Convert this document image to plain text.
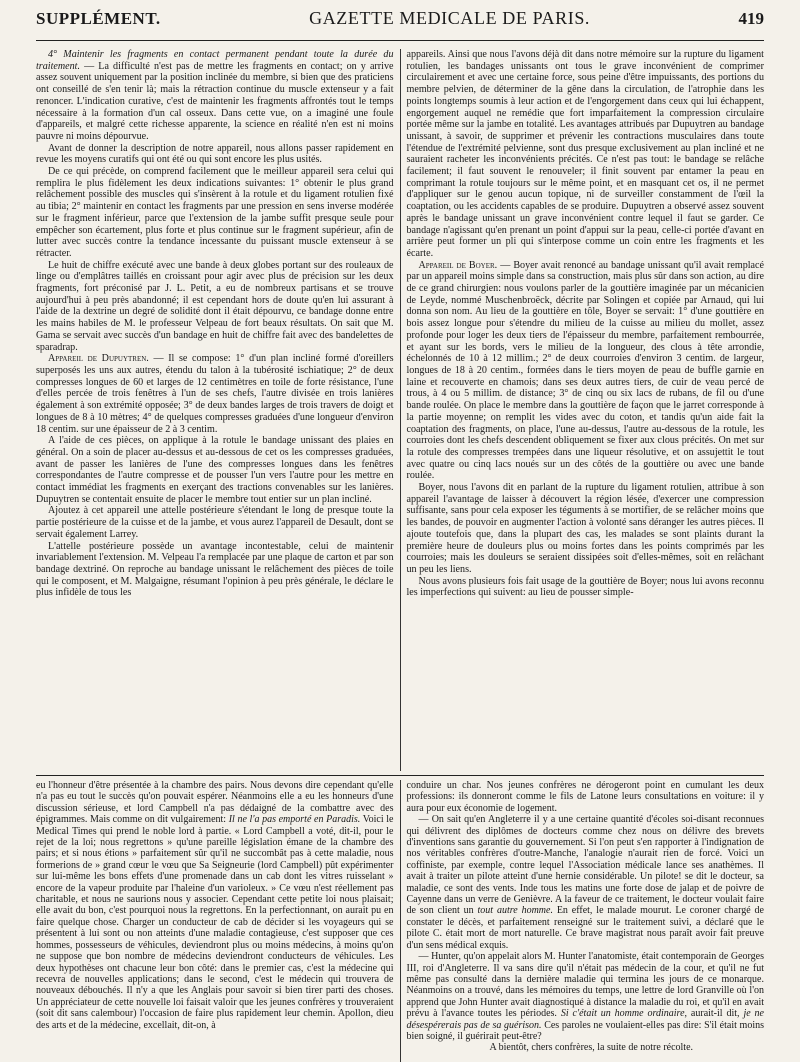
SUPPLÉMENT.	GAZETTE MEDICALE DE PARIS.	419

4° Maintenir les fragments en contact permanent pendant toute la durée du traitement. — La difficulté n'est pas de mettre les fragments en contact; on y arrive assez souvent uniquement par la position inclinée du membre, si bien que des praticiens ont conseillé de s'en tenir là; mais la rétraction continue du muscle extenseur y a fait renoncer. L'indication curative, c'est de maintenir les fragments affrontés tout le temps nécessaire à la formation d'un cal osseux. Dans cette vue, on a imaginé une foule d'appareils, et malgré cette richesse apparente, la science en réalité n'en est ni moins pauvre ni moins dépourvue.

Avant de donner la description de notre appareil, nous allons passer rapidement en revue les moyens curatifs qui ont été ou qui sont encore les plus usités.

De ce qui précède, on comprend facilement que le meilleur appareil sera celui qui remplira le plus fidèlement les deux indications suivantes: 1° obtenir le plus grand relâchement possible des muscles qui s'insèrent à la rotule et du ligament rotulien fixé au tibia; 2° maintenir en contact les fragments par une pression en sens inverse modérée sur le fragment inférieur, parce que l'extension de la jambe suffit presque seule pour empêcher son écartement, plus forte et plus continue sur le fragment supérieur, afin de lutter avec succès contre la tendance incessante du puissant muscle extenseur à se rétracter.

Le huit de chiffre exécuté avec une bande à deux globes portant sur des rouleaux de linge ou d'emplâtres taillés en croissant pour agir avec plus de précision sur les deux fragments, fort préconisé par J. L. Petit, a eu de nombreux partisans et se trouve aujourd'hui à peu près abandonné; il est cependant hors de doute qu'en lui assurant à l'aide de la dextrine un degré de solidité dont il était dépourvu, ce bandage donne entre les mains habiles de M. le professeur Velpeau de fort beaux résultats. On sait que M. Gama se servait avec succès d'un bandage en huit de chiffre fait avec des bandelettes de sparadrap.

Appareil de Dupuytren. — Il se compose: 1° d'un plan incliné formé d'oreillers superposés les uns aux autres, étendu du talon à la tubérosité ischiatique; 2° de deux compresses longues de 60 et larges de 12 centimètres en toile de forte résistance, l'une d'elles percée de trois fenêtres à l'un de ses chefs, l'autre divisée en trois lanières également à son extrémité opposée; 3° de deux bandes larges de trois travers de doigt et longues de 8 à 10 mètres; 4° de quelques compresses graduées d'une longueur d'environ 18 centim. sur une épaisseur de 2 à 3 centim.

A l'aide de ces pièces, on applique à la rotule le bandage unissant des plaies en général. On a soin de placer au-dessus et au-dessous de cet os les compresses graduées, avant de passer les lanières de l'une des compresses longues dans les fenêtres correspondantes de l'autre compresse et de pousser l'un vers l'autre pour les mettre en contact immédiat les fragments en exerçant des tractions convenables sur les lanières. Dupuytren se contentait ensuite de placer le membre tout entier sur un plan incliné.

Ajoutez à cet appareil une attelle postérieure s'étendant le long de presque toute la partie postérieure de la cuisse et de la jambe, et vous aurez l'appareil de Desault, dont se servait également Larrey.

L'attelle postérieure possède un avantage incontestable, celui de maintenir invariablement l'extension. M. Velpeau l'a remplacée par une plaque de carton et par son bandage dextriné. On reproche au bandage unissant le relâchement des pièces de toile qui le composent, et M. Malgaigne, résumant l'opinion à peu près générale, le déclare le plus infidèle de tous les

appareils. Ainsi que nous l'avons déjà dit dans notre mémoire sur la rupture du ligament rotulien, les bandages unissants ont tous le grave inconvénient de comprimer circulairement et avec une certaine force, sous peine d'être impuissants, des portions du membre pelvien, de déterminer de la gêne dans la circulation, de l'atrophie dans les points longtemps soumis à leur action et de l'engorgement dans ceux qui lui échappent, engorgement auquel ne remédie que fort imparfaitement la compression circulaire portée même sur la jambe en totalité. Les avantages attribués par Dupuytren au bandage unissant, à savoir, de supprimer et prévenir les contractions musculaires dans toute l'étendue de l'extrémité pelvienne, sont dus presque exclusivement au plan incliné et ne sauraient racheter les inconvénients précités. Ce n'est pas tout: le bandage se relâche facilement; il faut souvent le renouveler; il finit souvent par entamer la peau en comprimant la rotule toujours sur le même point, et en masquant cet os, il ne permet d'appliquer sur le genou aucun topique, ni de surveiller constamment de l'œil la coaptation, ou les accidents capables de se produire. Dupuytren a observé assez souvent après le bandage unissant un grave inconvénient contre lequel il faut se garder. Ce bandage n'agissant qu'en prenant un point d'appui sur la peau, celle-ci portée d'avant en arrière peut former un pli qui s'interpose comme un coin entre les fragments et les écarte.

Appareil de Boyer. — Boyer avait renoncé au bandage unissant qu'il avait remplacé par un appareil moins simple dans sa construction, mais plus sûr dans son action, au dire de ce grand chirurgien: nous voulons parler de la gouttière imaginée par un mécanicien de Leyde, nommé Muschenbroëck, décrite par Solingen et copiée par Arnaud, qui lui donna son nom. Au lieu de la gouttière en tôle, Boyer se servait: 1° d'une gouttière en bois assez longue pour s'étendre du milieu de la cuisse au milieu du mollet, assez profonde pour loger les deux tiers de l'épaisseur du membre, parfaitement rembourrée, et ayant sur les bords, vers le milieu de la longueur, des clous à tête arrondie, échelonnés de 10 à 12 millim.; 2° de deux courroies d'environ 3 centim. de largeur, longues de 18 à 20 centim., formées dans le tiers moyen de peau de buffle garnie en laine et recouverte en chamois; dans ses deux autres tiers, de cuir de veau percé de trous, à 4 ou 5 millim. de distance; 3° de cinq ou six lacs de rubans, de fil ou d'une bande roulée. On place le membre dans la gouttière de façon que le jarret corresponde à la partie moyenne; on remplit les vides avec du coton, et tandis qu'un aide fait la coaptation des fragments, on place, l'une au-dessus, l'autre au-dessous de la rotule, les courroies dont les chefs descendent obliquement se fixer aux clous précités. On met sur la rotule des compresses trempées dans une liqueur résolutive, et on assujettit le tout avec quatre ou cinq lacs noués sur un des côtés de la gouttière ou avec une bande roulée.

Boyer, nous l'avons dit en parlant de la rupture du ligament rotulien, attribue à son appareil l'avantage de laisser à découvert la région lésée, d'exercer une compression suffisante, sans pour cela exposer les téguments à se mortifier, de se relâcher moins que les bandes, de pouvoir en augmenter l'action à volonté sans déranger les autres pièces. Il ajoute toutefois que, dans la plupart des cas, les malades se sont plaints durant la première heure de douleurs plus ou moins fortes dans les points comprimés par les courroies; mais les douleurs se seraient dissipées soit d'elles-mêmes, soit en relâchant un peu les liens.

Nous avons plusieurs fois fait usage de la gouttière de Boyer; nous lui avons reconnu les imperfections qui suivent: au lieu de pousser simple-

eu l'honneur d'être présentée à la chambre des pairs. Nous devons dire cependant qu'elle n'a pas eu tout le succès qu'on pouvait espérer. Néanmoins elle a eu les honneurs d'une discussion sérieuse, et lord Campbell n'a pas dédaigné de la combattre avec des épigrammes. Mais comme on dit vulgairement: Il ne l'a pas emporté en Paradis. Voici le Medical Times qui prend le noble lord à partie. « Lord Campbell a voté, dit-il, pour le rejet de la loi; nous regrettons » qu'une pareille législation émane de la chambre des pairs; et si nous étions » parfaitement sûr qu'il ne succombât pas à cette maladie, nous formerions de » grand cœur le vœu que Sa Seigneurie (lord Campbell) pût expérimenter sur lui-même les bons effets d'une promenade dans un cab dont les vitres ruisselant » encore de la vapeur produite par l'haleine d'un varioleux. » Ce vœu n'est réellement pas charitable, et nous ne saurions nous y associer. Cependant cette petite loi nous plaisait; elle avait du bon, c'est pourquoi nous la regrettons. En la perfectionnant, on aurait pu en faire quelque chose. Charger un conducteur de cab de décider si les voyageurs qui se présentent à lui sont ou non atteints d'une maladie contagieuse, c'est supposer que ces hommes, possesseurs de véhicules, deviendront plus ou moins médecins, à moins qu'on ne suppose que bon nombre de médecins deviendront conducteurs de véhicules. Les deux hypothèses ont chacune leur bon côté: dans le premier cas, c'est la médecine qui recevra de nouvelles applications; dans le second, c'est le médecin qui trouvera de nouveaux débouchés. Il n'y a que les Anglais pour savoir si bien tirer parti des choses. Un appréciateur de cette nouvelle loi faisait valoir que les jeunes confrères y trouveraient (soit dit sans calembour) l'occasion de faire plus rapidement leur chemin. Apollon, dieu des arts et de la médecine, excellait, dit-on, à

conduire un char. Nos jeunes confrères ne dérogeront point en cumulant les deux professions: ils donneront comme le fils de Latone leurs consultations en voiture: il y aura pour eux économie de logement.

— On sait qu'en Angleterre il y a une certaine quantité d'écoles soi-disant reconnues qui délivrent des diplômes de docteurs comme chez nous on délivre des brevets d'inventions sans garantie du gouvernement. Si l'on peut s'en rapporter à l'indignation de nos véritables confrères d'outre-Manche, l'analogie n'aurait rien de forcé. Voici un coffiniste, par exemple, contre lequel l'Association médicale lance ses anathèmes. Il avait à traiter un pilote atteint d'une hernie considérable. Un pilote! se dit le docteur, sa maladie, ce sont des vents. Inde tous les matins une forte dose de jalap et de poivre de Cayenne dans un verre de Genièvre. A la faveur de ce traitement, le docteur voulait faire de son client un tout autre homme. En effet, le malade mourut. Le coroner chargé de constater le décès, et parfaitement renseigné sur le traitement suivi, a déclaré que le pilote C. était mort de mort naturelle. Ce brave magistrat nous paraît avoir fait preuve d'un sens médical exquis.

— Hunter, qu'on appelait alors M. Hunter l'anatomiste, était contemporain de Georges III, roi d'Angleterre. Il va sans dire qu'il n'était pas médecin de la cour, et qu'il ne fut même pas consulté dans la dernière maladie qui termina les jours de ce monarque. Néanmoins on a trouvé, dans les mémoires du temps, une lettre de lord Granville où l'on apprend que John Hunter avait diagnostiqué à distance la maladie du roi, et qu'il en avait prévu à l'avance toutes les périodes. Si c'était un homme ordinaire, aurait-il dit, je ne désespérerais pas de sa guérison. Ces paroles ne voulaient-elles pas dire: S'il était moins bien soigné, il guérirait peut-être?

A bientôt, chers confrères, la suite de notre récolte.
